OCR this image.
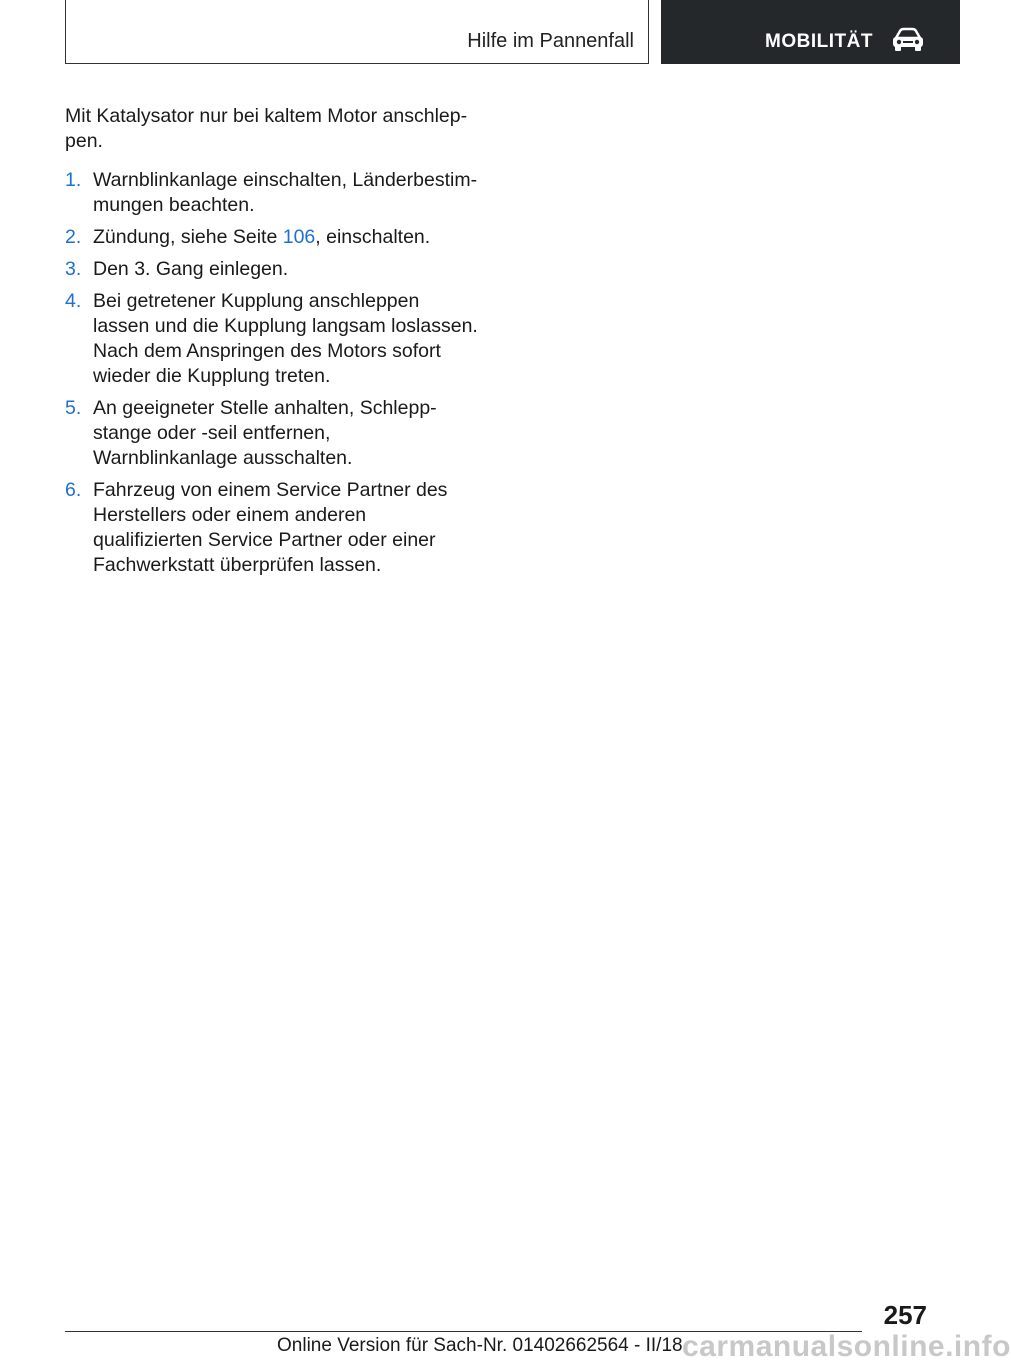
Hilfe im Pannenfall	MOBILITÄT

Mit Katalysator nur bei kaltem Motor anschlep-pen.

1. Warnblinkanlage einschalten, Länderbestim-mungen beachten.
2. Zündung, siehe Seite 106, einschalten.
3. Den 3. Gang einlegen.
4. Bei getretener Kupplung anschleppen lassen und die Kupplung langsam loslassen. Nach dem Anspringen des Motors sofort wieder die Kupplung treten.
5. An geeigneter Stelle anhalten, Schlepp-stange oder -seil entfernen, Warnblinkanlage ausschalten.
6. Fahrzeug von einem Service Partner des Herstellers oder einem anderen qualifizierten Service Partner oder einer Fachwerkstatt überprüfen lassen.
257
Online Version für Sach-Nr. 01402662564 - II/18 carmanualsonline.info
